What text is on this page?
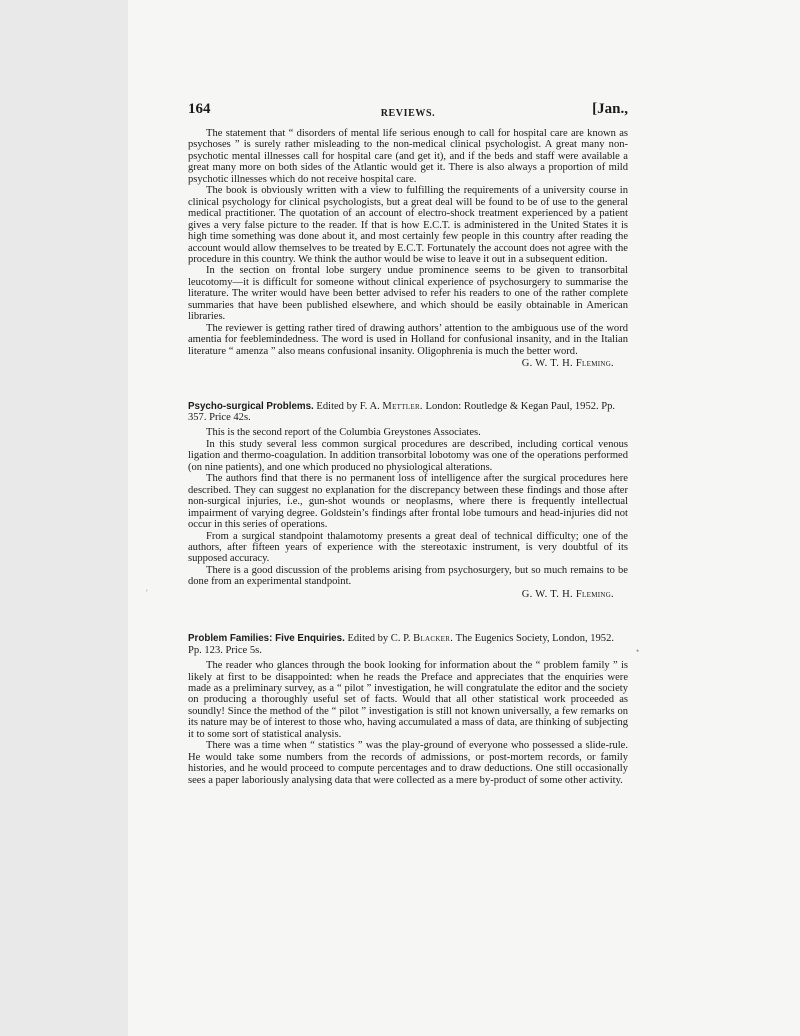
164	REVIEWS.	[Jan.,

The statement that “ disorders of mental life serious enough to call for hospital care are known as psychoses ” is surely rather misleading to the non-medical clinical psychologist. A great many non-psychotic mental illnesses call for hospital care (and get it), and if the beds and staff were available a great many more on both sides of the Atlantic would get it. There is also always a proportion of mild psychotic illnesses which do not receive hospital care.

The book is obviously written with a view to fulfilling the requirements of a university course in clinical psychology for clinical psychologists, but a great deal will be found to be of use to the general medical practitioner. The quotation of an account of electro-shock treatment experienced by a patient gives a very false picture to the reader. If that is how E.C.T. is administered in the United States it is high time something was done about it, and most certainly few people in this country after reading the account would allow themselves to be treated by E.C.T. Fortunately the account does not agree with the procedure in this country. We think the author would be wise to leave it out in a subsequent edition.

In the section on frontal lobe surgery undue prominence seems to be given to transorbital leucotomy—it is difficult for someone without clinical experience of psychosurgery to summarise the literature. The writer would have been better advised to refer his readers to one of the rather complete summaries that have been published elsewhere, and which should be easily obtainable in American libraries.

The reviewer is getting rather tired of drawing authors’ attention to the ambiguous use of the word amentia for feeblemindedness. The word is used in Holland for confusional insanity, and in the Italian literature “ amenza ” also means confusional insanity. Oligophrenia is much the better word.

G. W. T. H. Fleming.

Psycho-surgical Problems. Edited by F. A. Mettler. London: Routledge & Kegan Paul, 1952. Pp. 357. Price 42s.

This is the second report of the Columbia Greystones Associates.

In this study several less common surgical procedures are described, including cortical venous ligation and thermo-coagulation. In addition transorbital lobotomy was one of the operations performed (on nine patients), and one which produced no physiological alterations.

The authors find that there is no permanent loss of intelligence after the surgical procedures here described. They can suggest no explanation for the discrepancy between these findings and those after non-surgical injuries, i.e., gun-shot wounds or neoplasms, where there is frequently intellectual impairment of varying degree. Goldstein’s findings after frontal lobe tumours and head-injuries did not occur in this series of operations.

From a surgical standpoint thalamotomy presents a great deal of technical difficulty; one of the authors, after fifteen years of experience with the stereotaxic instrument, is very doubtful of its supposed accuracy.

There is a good discussion of the problems arising from psychosurgery, but so much remains to be done from an experimental standpoint.

G. W. T. H. Fleming.

Problem Families: Five Enquiries. Edited by C. P. Blacker. The Eugenics Society, London, 1952. Pp. 123. Price 5s.

The reader who glances through the book looking for information about the “ problem family ” is likely at first to be disappointed: when he reads the Preface and appreciates that the enquiries were made as a preliminary survey, as a “ pilot ” investigation, he will congratulate the editor and the society on producing a thoroughly useful set of facts. Would that all other statistical work proceeded as soundly! Since the method of the “ pilot ” investigation is still not known universally, a few remarks on its nature may be of interest to those who, having accumulated a mass of data, are thinking of subjecting it to some sort of statistical analysis.

There was a time when “ statistics ” was the play-ground of everyone who possessed a slide-rule. He would take some numbers from the records of admissions, or post-mortem records, or family histories, and he would proceed to compute percentages and to draw deductions. One still occasionally sees a paper laboriously analysing data that were collected as a mere by-product of some other activity.

′
•
